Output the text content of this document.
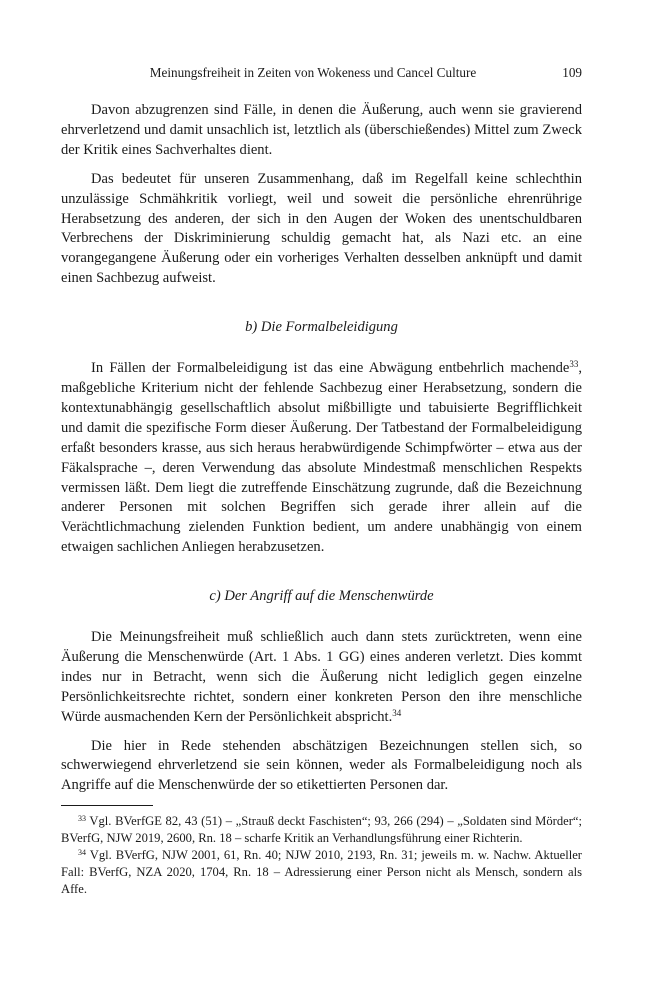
Meinungsfreiheit in Zeiten von Wokeness und Cancel Culture	109

Davon abzugrenzen sind Fälle, in denen die Äußerung, auch wenn sie gravierend ehrverletzend und damit unsachlich ist, letztlich als (überschießendes) Mittel zum Zweck der Kritik eines Sachverhaltes dient.

Das bedeutet für unseren Zusammenhang, daß im Regelfall keine schlechthin unzulässige Schmähkritik vorliegt, weil und soweit die persönliche ehrenrührige Herabsetzung des anderen, der sich in den Augen der Woken des unentschuldbaren Verbrechens der Diskriminierung schuldig gemacht hat, als Nazi etc. an eine vorangegangene Äußerung oder ein vorheriges Verhalten desselben anknüpft und damit einen Sachbezug aufweist.

b) Die Formalbeleidigung

In Fällen der Formalbeleidigung ist das eine Abwägung entbehrlich machende$^{33}$, maßgebliche Kriterium nicht der fehlende Sachbezug einer Herabsetzung, sondern die kontextunabhängig gesellschaftlich absolut mißbilligte und tabuisierte Begrifflichkeit und damit die spezifische Form dieser Äußerung. Der Tatbestand der Formalbeleidigung erfaßt besonders krasse, aus sich heraus herabwürdigende Schimpfwörter – etwa aus der Fäkalsprache –, deren Verwendung das absolute Mindestmaß menschlichen Respekts vermissen läßt. Dem liegt die zutreffende Einschätzung zugrunde, daß die Bezeichnung anderer Personen mit solchen Begriffen sich gerade ihrer allein auf die Verächtlichmachung zielenden Funktion bedient, um andere unabhängig von einem etwaigen sachlichen Anliegen herabzusetzen.

c) Der Angriff auf die Menschenwürde

Die Meinungsfreiheit muß schließlich auch dann stets zurücktreten, wenn eine Äußerung die Menschenwürde (Art. 1 Abs. 1 GG) eines anderen verletzt. Dies kommt indes nur in Betracht, wenn sich die Äußerung nicht lediglich gegen einzelne Persönlichkeitsrechte richtet, sondern einer konkreten Person den ihre menschliche Würde ausmachenden Kern der Persönlichkeit abspricht.$^{34}$

Die hier in Rede stehenden abschätzigen Bezeichnungen stellen sich, so schwerwiegend ehrverletzend sie sein können, weder als Formalbeleidigung noch als Angriffe auf die Menschenwürde der so etikettierten Personen dar.

$^{33}$ Vgl. BVerfGE 82, 43 (51) – „Strauß deckt Faschisten“; 93, 266 (294) – „Soldaten sind Mörder“; BVerfG, NJW 2019, 2600, Rn. 18 – scharfe Kritik an Verhandlungsführung einer Richterin.

$^{34}$ Vgl. BVerfG, NJW 2001, 61, Rn. 40; NJW 2010, 2193, Rn. 31; jeweils m. w. Nachw. Aktueller Fall: BVerfG, NZA 2020, 1704, Rn. 18 – Adressierung einer Person nicht als Mensch, sondern als Affe.
